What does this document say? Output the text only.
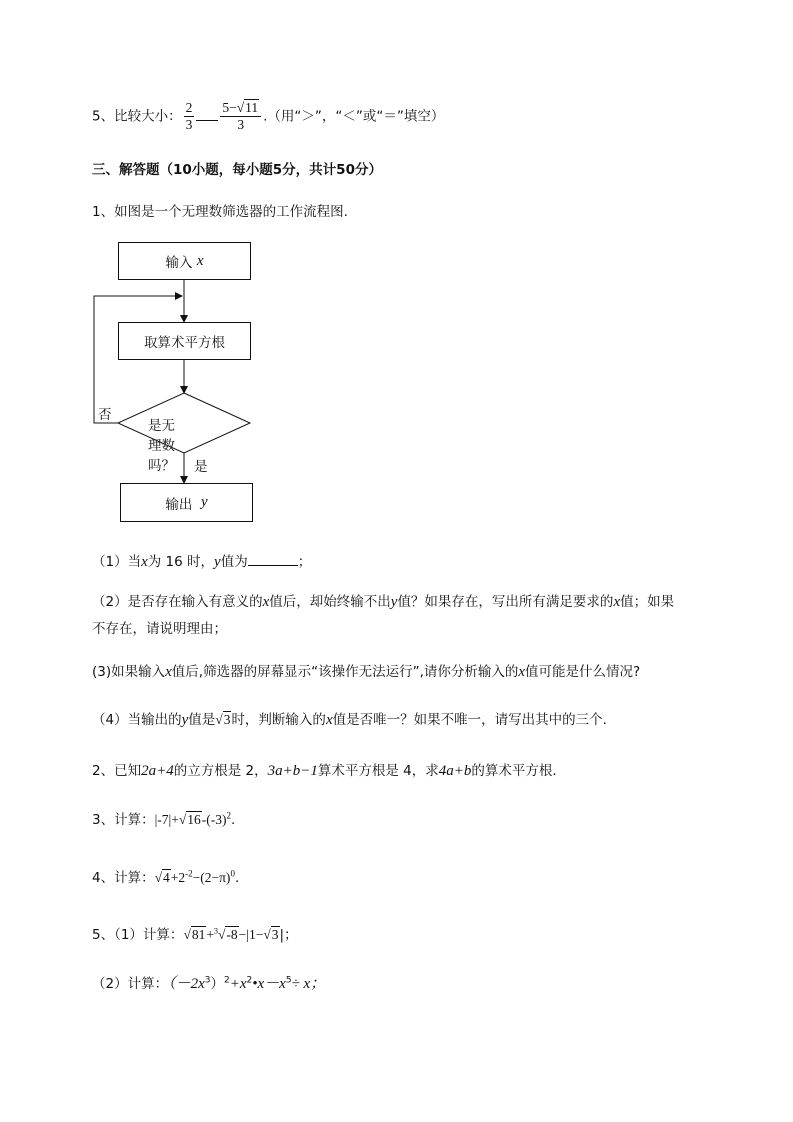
5、比较大小： $\frac{2}{3} \frac{5-√11}{3}$ .（用“＞”，“＜”或“＝”填空）
三、解答题（10小题，每小题5分，共计50分）
1、如图是一个无理数筛选器的工作流程图.
输入
x
取算术平方根
是无理数吗？
否
是
输出
y
（1）当x为 16 时，y值为	；
（2）是否存在输入有意义的x值后，却始终输不出y值？如果存在，写出所有满足要求的x值；如果
不存在，请说明理由；
(3)如果输入x值后,筛选器的屏幕显示“该操作无法运行”,请你分析输入的x值可能是什么情况?
（4）当输出的y值是√3时，判断输入的x值是否唯一？如果不唯一，请写出其中的三个.
2、已知2a+4的立方根是 2，3a+b−1算术平方根是 4，求4a+b的算术平方根.
3、计算：$|-7|+√16-(-3)^2$.
4、计算：$√4+2^{-2}-(2-\pi)^0$.
5、（1）计算：√81+$^3$√-8−|1−√3|；
（2）计算：$(-2x^3)^2+x^2•x-x^5\div x$；
